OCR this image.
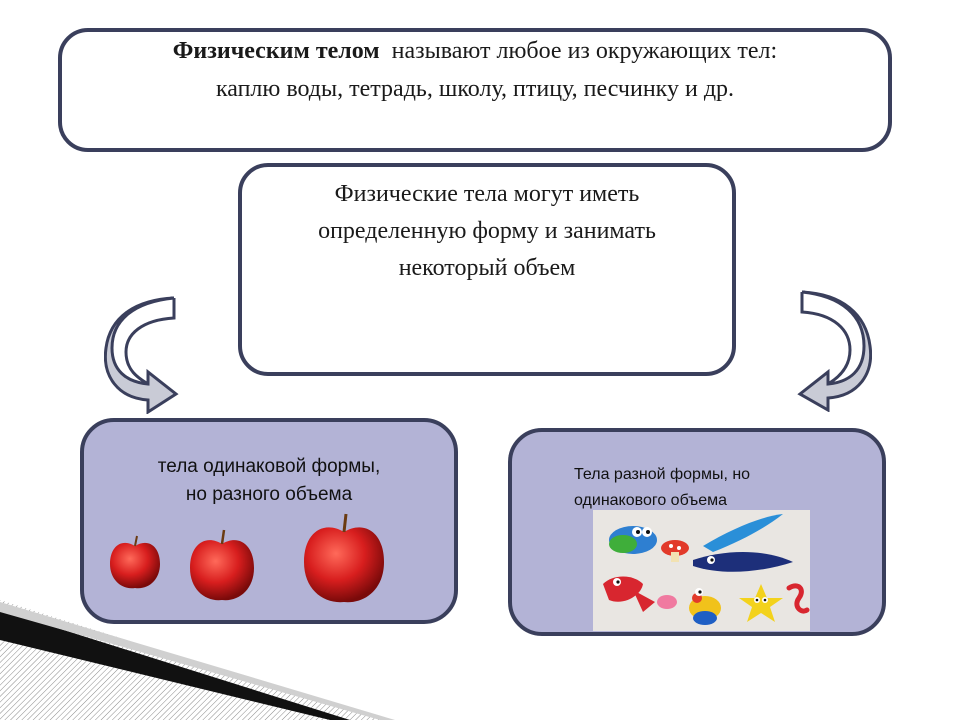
Физическим телом называют любое из окружающих тел:
каплю воды, тетрадь, школу, птицу, песчинку и др.
Физические тела могут иметь
определенную форму и занимать
некоторый объем
тела одинаковой формы,
но разного объема
Тела разной формы, но
одинакового объема
